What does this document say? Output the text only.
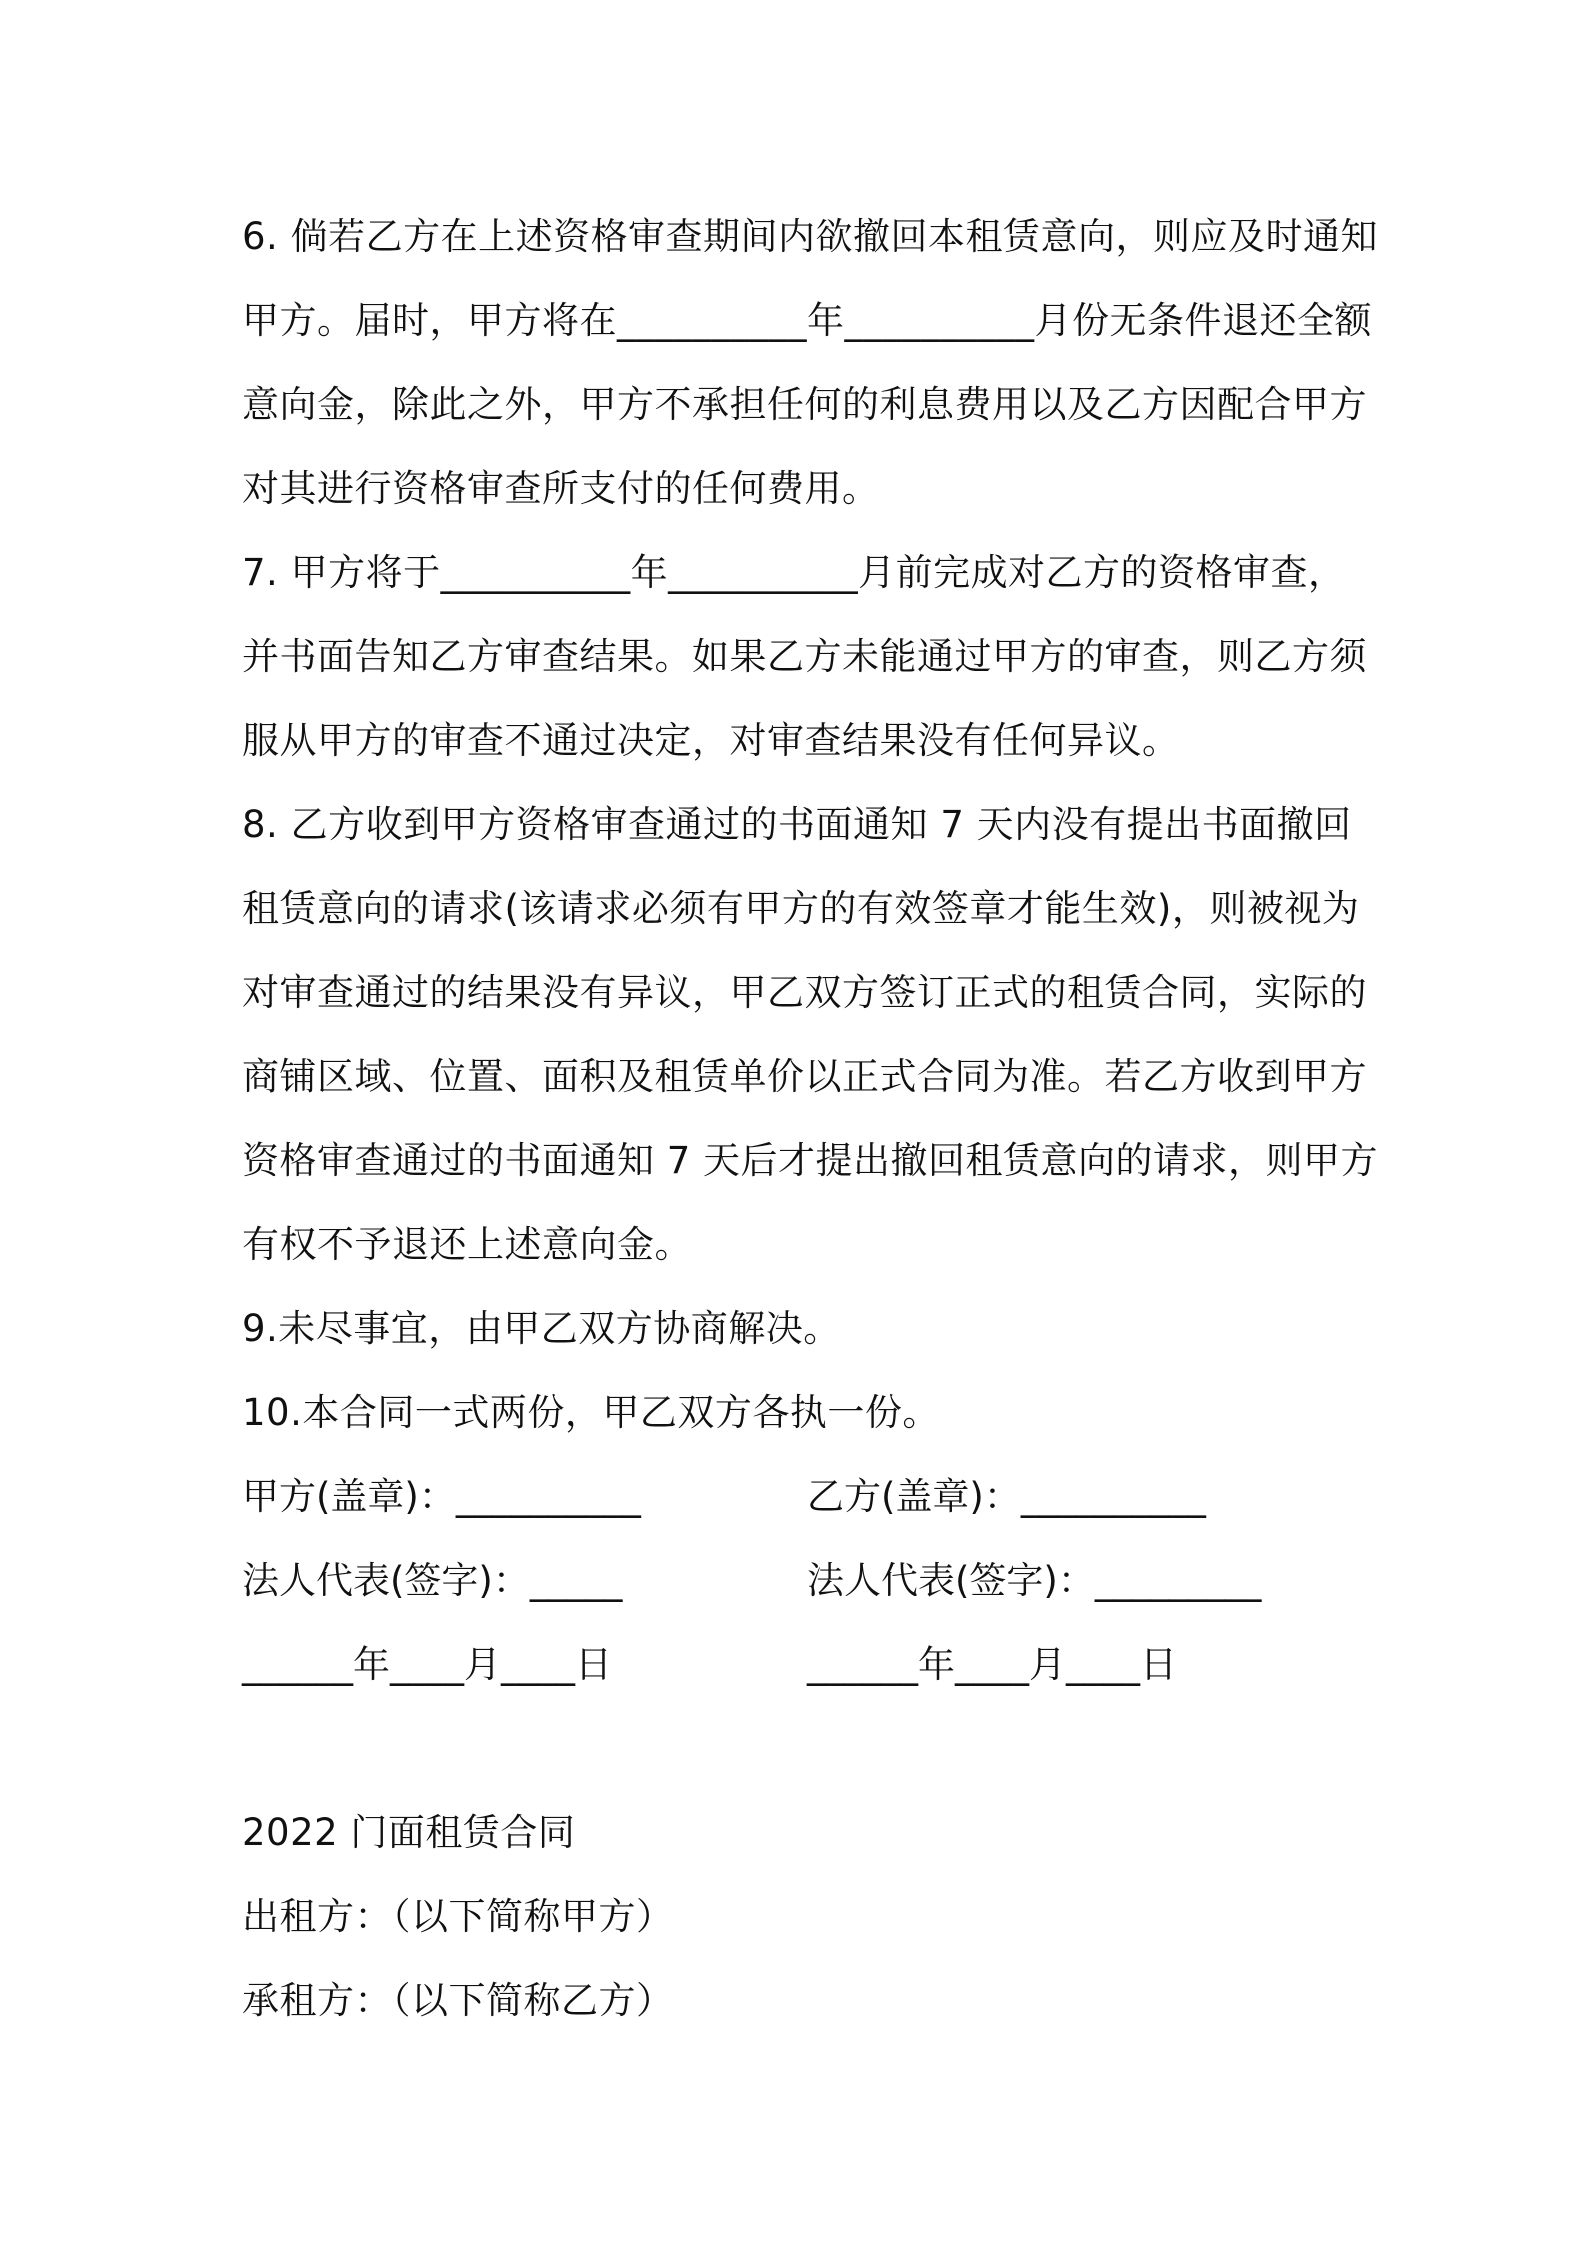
6. 倘若乙方在上述资格审查期间内欲撤回本租赁意向，则应及时通知
甲方。届时，甲方将在__________年__________月份无条件退还全额
意向金，除此之外，甲方不承担任何的利息费用以及乙方因配合甲方
对其进行资格审查所支付的任何费用。
7. 甲方将于__________年__________月前完成对乙方的资格审查，
并书面告知乙方审查结果。如果乙方未能通过甲方的审查，则乙方须
服从甲方的审查不通过决定，对审查结果没有任何异议。
8. 乙方收到甲方资格审查通过的书面通知 7 天内没有提出书面撤回
租赁意向的请求(该请求必须有甲方的有效签章才能生效)，则被视为
对审查通过的结果没有异议，甲乙双方签订正式的租赁合同，实际的
商铺区域、位置、面积及租赁单价以正式合同为准。若乙方收到甲方
资格审查通过的书面通知 7 天后才提出撤回租赁意向的请求，则甲方
有权不予退还上述意向金。
9.未尽事宜，由甲乙双方协商解决。
10.本合同一式两份，甲乙双方各执一份。
甲方(盖章)：__________	乙方(盖章)：__________
法人代表(签字)：_____	法人代表(签字)：_________
______年____月____日	______年____月____日
2022 门面租赁合同
出租方：（以下简称甲方）
承租方：（以下简称乙方）
